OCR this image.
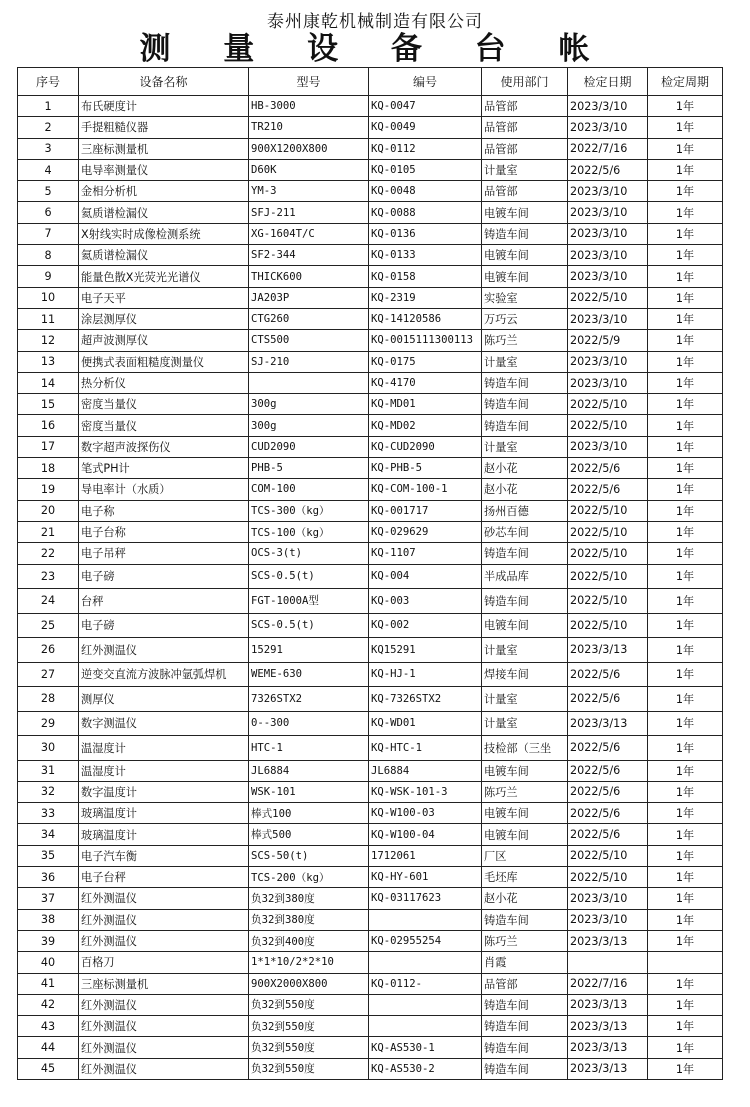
泰州康乾机械制造有限公司
测 量 设 备 台 帐
序号	设备名称	型号	编号	使用部门	检定日期	检定周期
1	布氏硬度计	HB-3000	KQ-0047	品管部	2023/3/10	1年
2	手提粗糙仪器	TR210	KQ-0049	品管部	2023/3/10	1年
3	三座标测量机	900X1200X800	KQ-0112	品管部	2022/7/16	1年
4	电导率测量仪	D60K	KQ-0105	计量室	2022/5/6	1年
5	金相分析机	YM-3	KQ-0048	品管部	2023/3/10	1年
6	氦质谱检漏仪	SFJ-211	KQ-0088	电镀车间	2023/3/10	1年
7	X射线实时成像检测系统	XG-1604T/C	KQ-0136	铸造车间	2023/3/10	1年
8	氦质谱检漏仪	SF2-344	KQ-0133	电镀车间	2023/3/10	1年
9	能量色散X光荧光光谱仪	THICK600	KQ-0158	电镀车间	2023/3/10	1年
10	电子天平	JA203P	KQ-2319	实验室	2022/5/10	1年
11	涂层测厚仪	CTG260	KQ-14120586	万巧云	2023/3/10	1年
12	超声波测厚仪	CTS500	KQ-0015111300113	陈巧兰	2022/5/9	1年
13	便携式表面粗糙度测量仪	SJ-210	KQ-0175	计量室	2023/3/10	1年
14	热分析仪		KQ-4170	铸造车间	2023/3/10	1年
15	密度当量仪	300g	KQ-MD01	铸造车间	2022/5/10	1年
16	密度当量仪	300g	KQ-MD02	铸造车间	2022/5/10	1年
17	数字超声波探伤仪	CUD2090	KQ-CUD2090	计量室	2023/3/10	1年
18	笔式PH计	PHB-5	KQ-PHB-5	赵小花	2022/5/6	1年
19	导电率计（水质）	COM-100	KQ-COM-100-1	赵小花	2022/5/6	1年
20	电子称	TCS-300（kg）	KQ-001717	扬州百德	2022/5/10	1年
21	电子台称	TCS-100（kg）	KQ-029629	砂芯车间	2022/5/10	1年
22	电子吊秤	OCS-3(t)	KQ-1107	铸造车间	2022/5/10	1年
23	电子磅	SCS-0.5(t)	KQ-004	半成品库	2022/5/10	1年
24	台秤	FGT-1000A型	KQ-003	铸造车间	2022/5/10	1年
25	电子磅	SCS-0.5(t)	KQ-002	电镀车间	2022/5/10	1年
26	红外测温仪	15291	KQ15291	计量室	2023/3/13	1年
27	逆变交直流方波脉冲氩弧焊机	WEME-630	KQ-HJ-1	焊接车间	2022/5/6	1年
28	测厚仪	7326STX2	KQ-7326STX2	计量室	2022/5/6	1年
29	数字测温仪	0--300	KQ-WD01	计量室	2023/3/13	1年
30	温湿度计	HTC-1	KQ-HTC-1	技检部（三坐	2022/5/6	1年
31	温湿度计	JL6884	JL6884	电镀车间	2022/5/6	1年
32	数字温度计	WSK-101	KQ-WSK-101-3	陈巧兰	2022/5/6	1年
33	玻璃温度计	棒式100	KQ-W100-03	电镀车间	2022/5/6	1年
34	玻璃温度计	棒式500	KQ-W100-04	电镀车间	2022/5/6	1年
35	电子汽车衡	SCS-50(t)	1712061	厂区	2022/5/10	1年
36	电子台秤	TCS-200（kg）	KQ-HY-601	毛坯库	2022/5/10	1年
37	红外测温仪	负32到380度	KQ-03117623	赵小花	2023/3/10	1年
38	红外测温仪	负32到380度		铸造车间	2023/3/10	1年
39	红外测温仪	负32到400度	KQ-02955254	陈巧兰	2023/3/13	1年
40	百格刀	1*1*10/2*2*10		肖霞		
41	三座标测量机	900X2000X800	KQ-0112-	品管部	2022/7/16	1年
42	红外测温仪	负32到550度		铸造车间	2023/3/13	1年
43	红外测温仪	负32到550度		铸造车间	2023/3/13	1年
44	红外测温仪	负32到550度	KQ-AS530-1	铸造车间	2023/3/13	1年
45	红外测温仪	负32到550度	KQ-AS530-2	铸造车间	2023/3/13	1年
